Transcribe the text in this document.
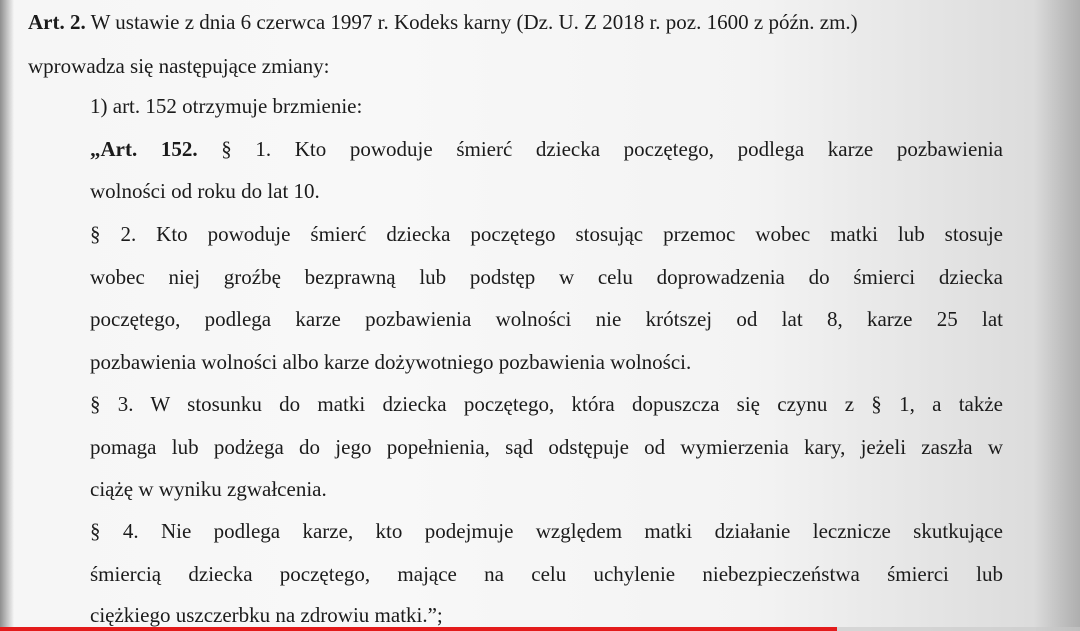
Art. 2. W ustawie z dnia 6 czerwca 1997 r. Kodeks karny (Dz. U. Z 2018 r. poz. 1600 z późn. zm.)
wprowadza się następujące zmiany:
1) art. 152 otrzymuje brzmienie:
„Art. 152. § 1. Kto powoduje śmierć dziecka poczętego, podlega karze pozbawienia
wolności od roku do lat 10.
§ 2. Kto powoduje śmierć dziecka poczętego stosując przemoc wobec matki lub stosuje
wobec niej groźbę bezprawną lub podstęp w celu doprowadzenia do śmierci dziecka
poczętego, podlega karze pozbawienia wolności nie krótszej od lat 8, karze 25 lat
pozbawienia wolności albo karze dożywotniego pozbawienia wolności.
§ 3. W stosunku do matki dziecka poczętego, która dopuszcza się czynu z § 1, a także
pomaga lub podżega do jego popełnienia, sąd odstępuje od wymierzenia kary, jeżeli zaszła w
ciążę w wyniku zgwałcenia.
§ 4. Nie podlega karze, kto podejmuje względem matki działanie lecznicze skutkujące
śmiercią dziecka poczętego, mające na celu uchylenie niebezpieczeństwa śmierci lub
ciężkiego uszczerbku na zdrowiu matki.”;
